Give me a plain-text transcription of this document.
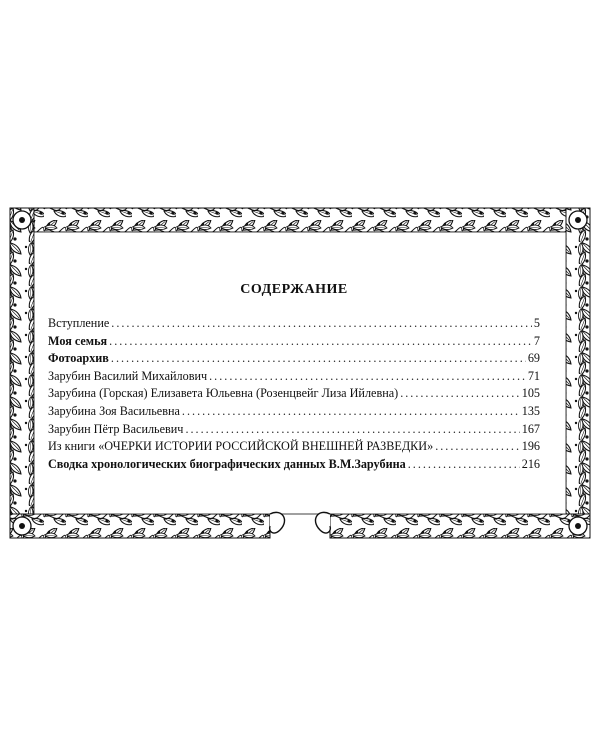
СОДЕРЖАНИЕ
Вступление .....	5
Моя семья .....	7
Фотоархив .....	69
Зарубин Василий Михайлович .....	71
Зарубина (Горская) Елизавета Юльевна (Розенцвейг Лиза Ийлевна) .....	105
Зарубина Зоя Васильевна .....	135
Зарубин Пётр Васильевич .....	167
Из книги «ОЧЕРКИ ИСТОРИИ РОССИЙСКОЙ ВНЕШНЕЙ РАЗВЕДКИ» .....	196
Сводка хронологических биографических данных В.М.Зарубина .....	216
